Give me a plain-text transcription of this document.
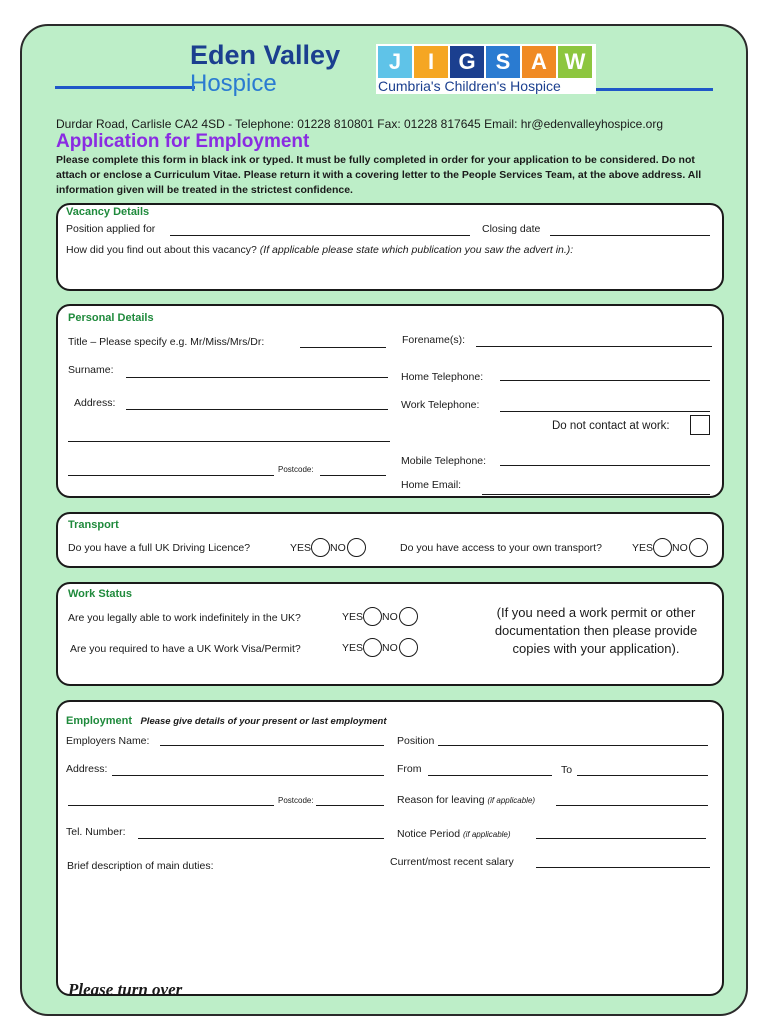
Eden Valley
Hospice
J I G S A W
Cumbria's Children's Hospice
Durdar Road, Carlisle CA2 4SD - Telephone: 01228 810801 Fax: 01228 817645 Email: hr@edenvalleyhospice.org
Application for Employment
Please complete this form in black ink or typed. It must be fully completed in order for your application to be considered. Do not attach or enclose a Curriculum Vitae. Please return it with a covering letter to the People Services Team, at the above address. All information given will be treated in the strictest confidence.
Vacancy Details
Position applied for	Closing date
How did you find out about this vacancy? (If applicable please state which publication you saw the advert in.):
Personal Details
Title – Please specify e.g. Mr/Miss/Mrs/Dr:	Forename(s):
Surname:
Home Telephone:
Address:	Work Telephone:
Do not contact at work:
Postcode:
Mobile Telephone:
Home Email:
Transport
Do you have a full UK Driving Licence?	YES NO	Do you have access to your own transport?	YES NO
Work Status
Are you legally able to work indefinitely in the UK?	YES NO
Are you required to have a UK Work Visa/Permit?	YES NO
(If you need a work permit or other documentation then please provide copies with your application).
Employment Please give details of your present or last employment
Employers Name:	Position
Address:	From	To
Postcode:	Reason for leaving (if applicable)
Tel. Number:	Notice Period (if applicable)
Current/most recent salary
Brief description of main duties:
Please turn over
